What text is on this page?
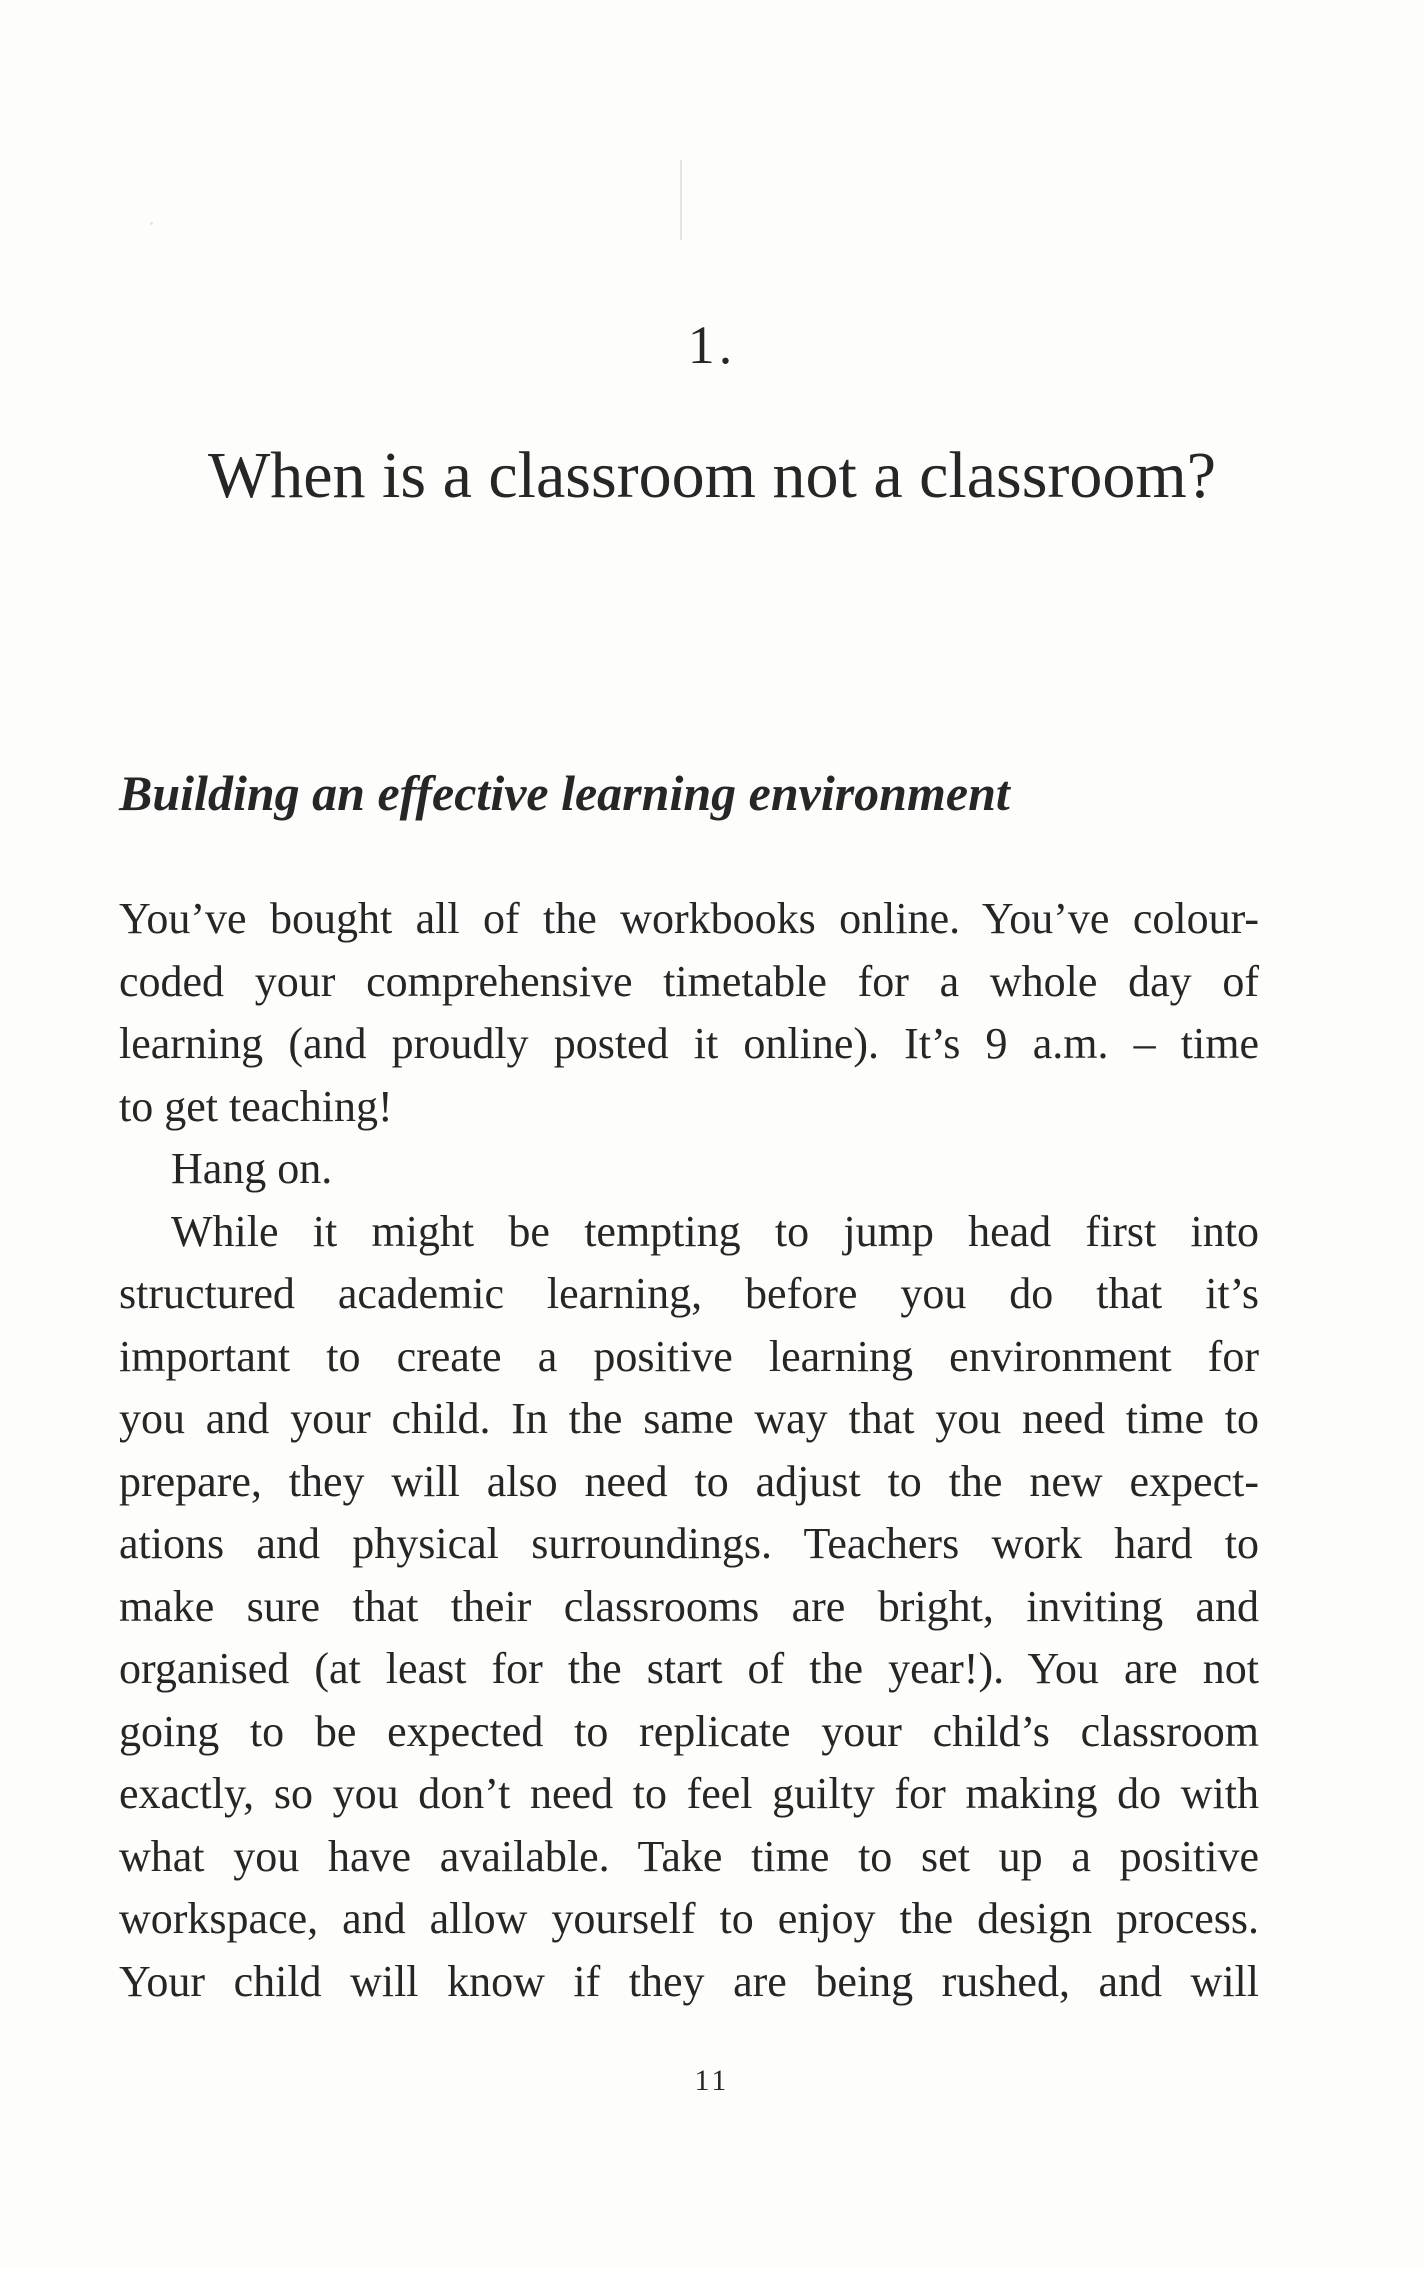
1.
When is a classroom not a classroom?
Building an effective learning environment
You’ve bought all of the workbooks online. You’ve colour-
coded your comprehensive timetable for a whole day of
learning (and proudly posted it online). It’s 9 a.m. – time
to get teaching!
Hang on.
While it might be tempting to jump head first into
structured academic learning, before you do that it’s
important to create a positive learning environment for
you and your child. In the same way that you need time to
prepare, they will also need to adjust to the new expect-
ations and physical surroundings. Teachers work hard to
make sure that their classrooms are bright, inviting and
organised (at least for the start of the year!). You are not
going to be expected to replicate your child’s classroom
exactly, so you don’t need to feel guilty for making do with
what you have available. Take time to set up a positive
workspace, and allow yourself to enjoy the design process.
Your child will know if they are being rushed, and will
11
